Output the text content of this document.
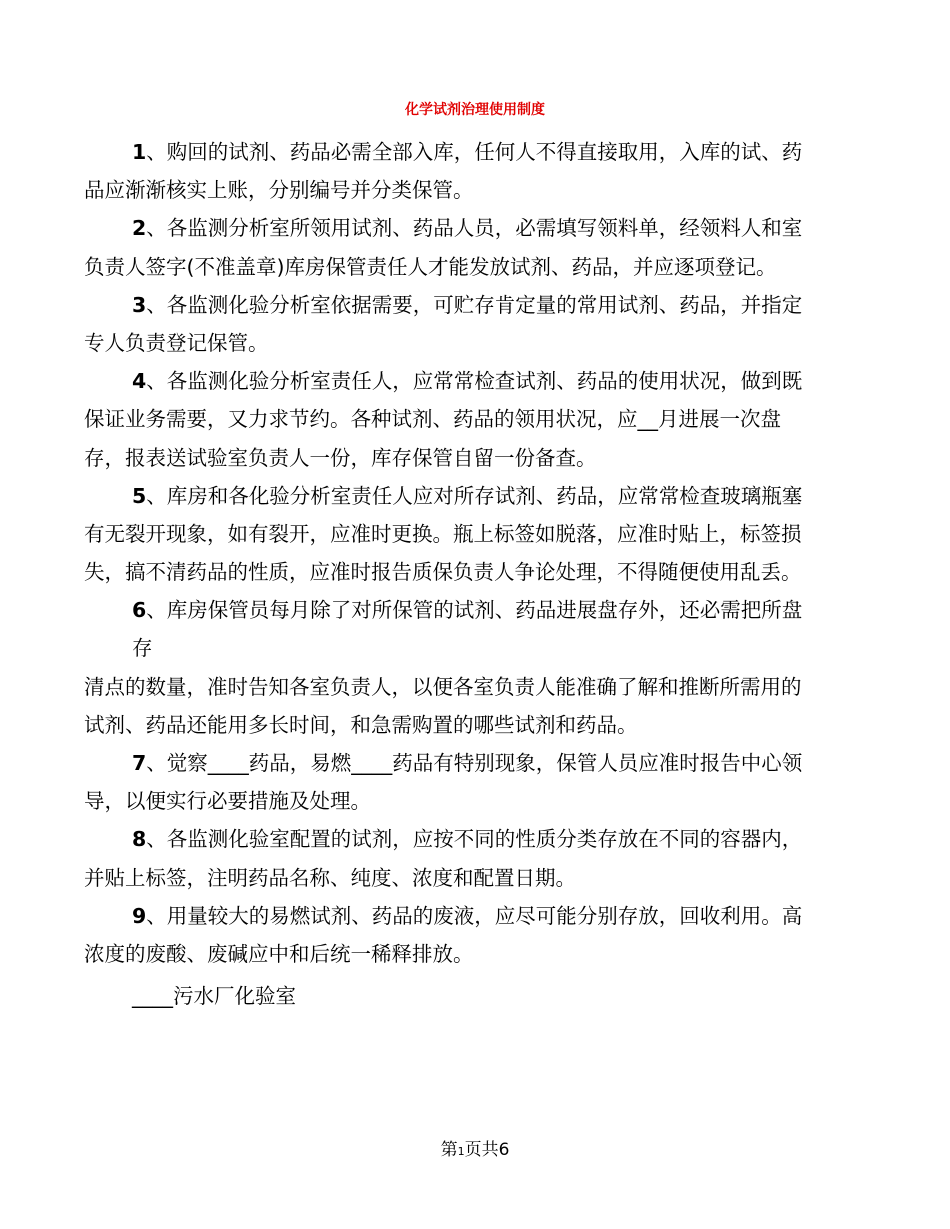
化学试剂治理使用制度
1、购回的试剂、药品必需全部入库，任何人不得直接取用，入库的试、药
品应渐渐核实上账，分别编号并分类保管。
2、各监测分析室所领用试剂、药品人员，必需填写领料单，经领料人和室
负责人签字(不准盖章)库房保管责任人才能发放试剂、药品，并应逐项登记。
3、各监测化验分析室依据需要，可贮存肯定量的常用试剂、药品，并指定
专人负责登记保管。
4、各监测化验分析室责任人，应常常检查试剂、药品的使用状况，做到既
保证业务需要，又力求节约。各种试剂、药品的领用状况，应__月进展一次盘
存，报表送试验室负责人一份，库存保管自留一份备查。
5、库房和各化验分析室责任人应对所存试剂、药品，应常常检查玻璃瓶塞
有无裂开现象，如有裂开，应准时更换。瓶上标签如脱落，应准时贴上，标签损
失，搞不清药品的性质，应准时报告质保负责人争论处理，不得随便使用乱丢。
6、库房保管员每月除了对所保管的试剂、药品进展盘存外，还必需把所盘
存
清点的数量，准时告知各室负责人，以便各室负责人能准确了解和推断所需用的
试剂、药品还能用多长时间，和急需购置的哪些试剂和药品。
7、觉察____药品，易燃____药品有特别现象，保管人员应准时报告中心领
导，以便实行必要措施及处理。
8、各监测化验室配置的试剂，应按不同的性质分类存放在不同的容器内，
并贴上标签，注明药品名称、纯度、浓度和配置日期。
9、用量较大的易燃试剂、药品的废液，应尽可能分别存放，回收利用。高
浓度的废酸、废碱应中和后统一稀释排放。
____污水厂化验室
第1页共6
